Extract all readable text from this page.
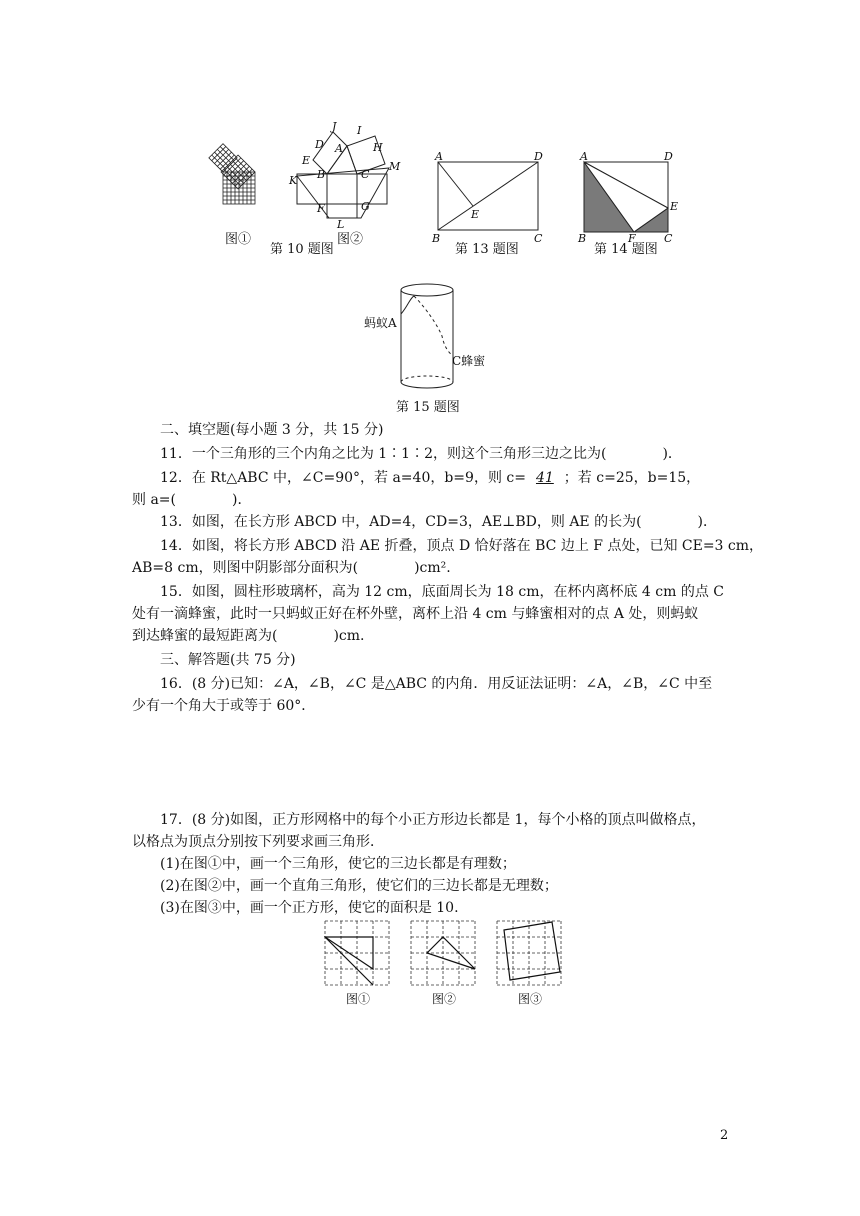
图①
J I
D A	H
E
C
M
K B
F	G
L
图②
第 10 题图
A	D
B	C
E
第 13 题图
A	D
B	F	C
E
第 14 题图
蚂蚁A
C蜂蜜
第 15 题图
二、填空题(每小题 3 分，共 15 分)
11．一个三角形的三个内角之比为 1∶1∶2，则这个三角形三边之比为(　　　　)．
12．在 Rt△ABC 中，∠C=90°，若 a=40，b=9，则 c= 41 ；若 c=25，b=15，
则 a=(　　　　)．
13．如图，在长方形 ABCD 中，AD=4，CD=3，AE⊥BD，则 AE 的长为(　　　　)．
14．如图，将长方形 ABCD 沿 AE 折叠，顶点 D 恰好落在 BC 边上 F 点处，已知 CE=3 cm，
AB=8 cm，则图中阴影部分面积为(　　　　)cm².
15．如图，圆柱形玻璃杯，高为 12 cm，底面周长为 18 cm，在杯内离杯底 4 cm 的点 C
处有一滴蜂蜜，此时一只蚂蚁正好在杯外壁，离杯上沿 4 cm 与蜂蜜相对的点 A 处，则蚂蚁
到达蜂蜜的最短距离为(　　　　)cm.
三、解答题(共 75 分)
16．(8 分)已知：∠A，∠B，∠C 是△ABC 的内角．用反证法证明：∠A，∠B，∠C 中至
少有一个角大于或等于 60°．
17．(8 分)如图，正方形网格中的每个小正方形边长都是 1，每个小格的顶点叫做格点，
以格点为顶点分别按下列要求画三角形．
(1)在图①中，画一个三角形，使它的三边长都是有理数；
(2)在图②中，画一个直角三角形，使它们的三边长都是无理数；
(3)在图③中，画一个正方形，使它的面积是 10.
图①	图②	图③
2
